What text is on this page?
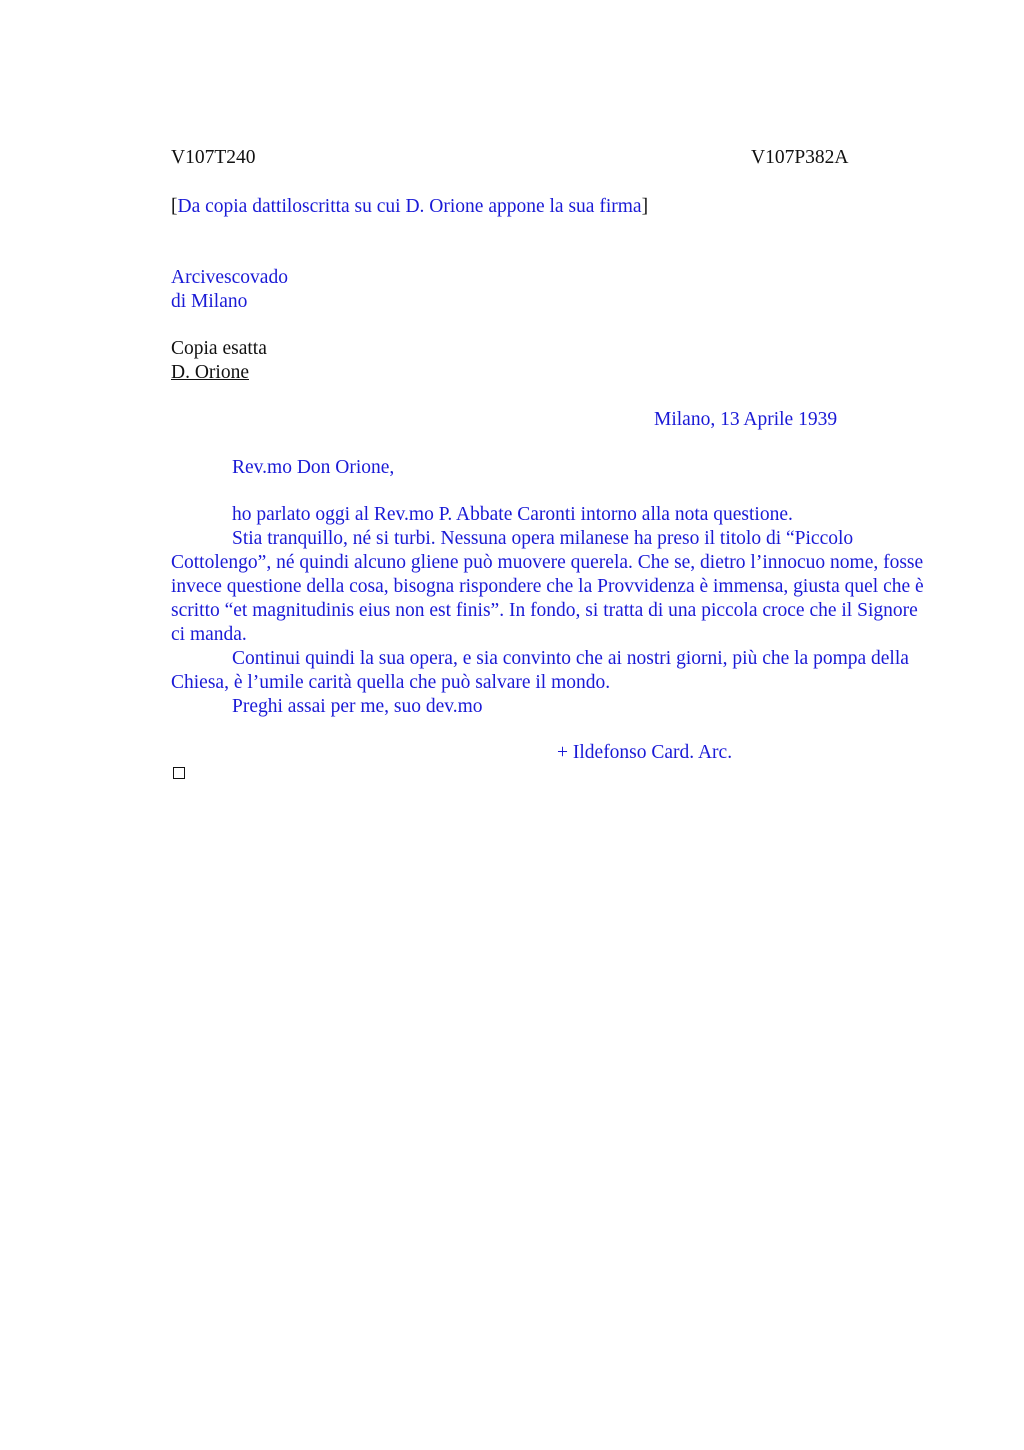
V107T240	V107P382A
[Da copia dattiloscritta su cui D. Orione appone la sua firma]
Arcivescovado
di Milano
Copia esatta
D. Orione
Milano, 13 Aprile 1939
Rev.mo Don Orione,

ho parlato oggi al Rev.mo P. Abbate Caronti intorno alla nota questione.

Stia tranquillo, né si turbi. Nessuna opera milanese ha preso il titolo di “Piccolo Cottolengo”, né quindi alcuno gliene può muovere querela. Che se, dietro l’innocuo nome, fosse invece questione della cosa, bisogna rispondere che la Provvidenza è immensa, giusta quel che è scritto “et magnitudinis eius non est finis”. In fondo, si tratta di una piccola croce che il Signore ci manda.

Continui quindi la sua opera, e sia convinto che ai nostri giorni, più che la pompa della Chiesa, è l’umile carità quella che può salvare il mondo.

Preghi assai per me, suo dev.mo

+ Ildefonso Card. Arc.
